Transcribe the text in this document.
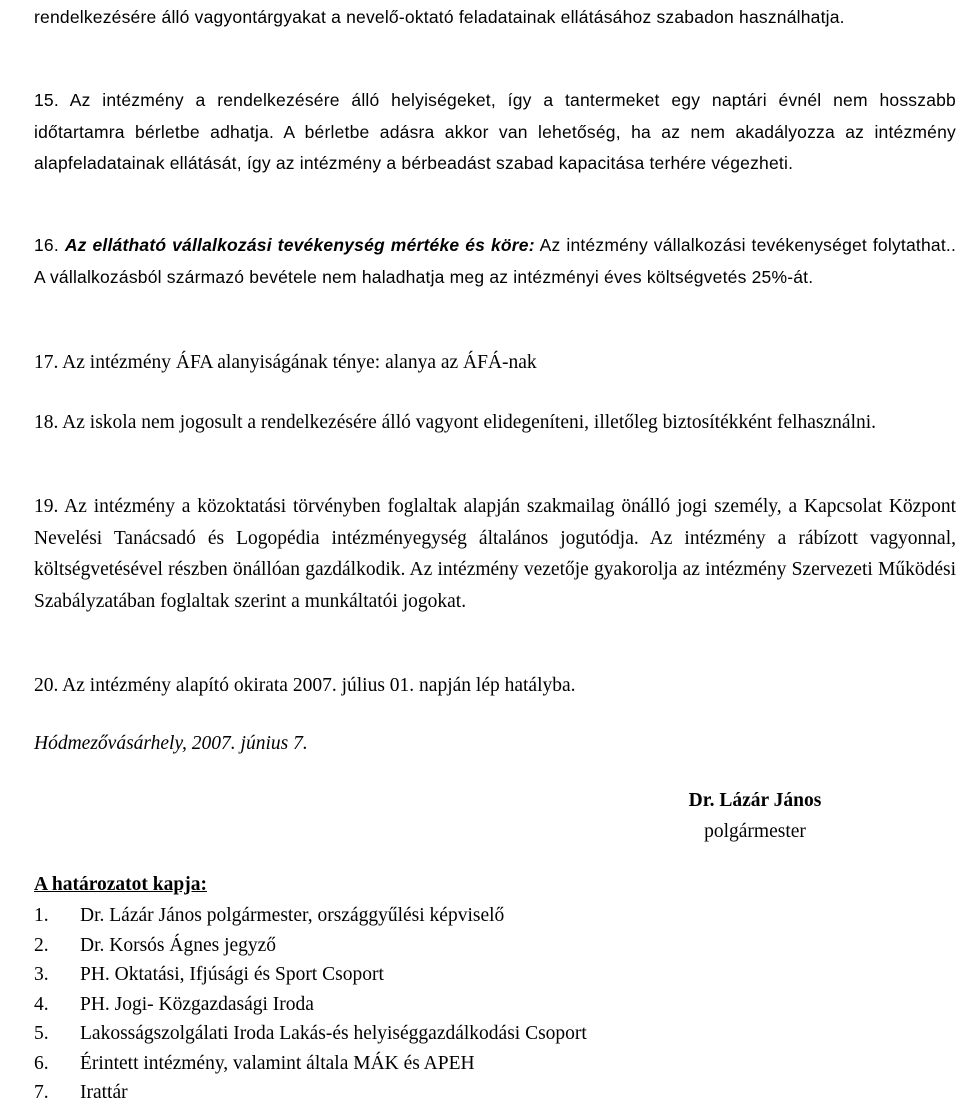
rendelkezésére álló vagyontárgyakat a nevelő-oktató feladatainak ellátásához szabadon használhatja.
15. Az intézmény a rendelkezésére álló helyiségeket, így a tantermeket egy naptári évnél nem hosszabb időtartamra bérletbe adhatja. A bérletbe adásra akkor van lehetőség, ha az nem akadályozza az intézmény alapfeladatainak ellátását, így az intézmény a bérbeadást szabad kapacitása terhére végezheti.
16. Az ellátható vállalkozási tevékenység mértéke és köre: Az intézmény vállalkozási tevékenységet folytathat.. A vállalkozásból származó bevétele nem haladhatja meg az intézményi éves költségvetés 25%-át.
17. Az intézmény ÁFA alanyiságának ténye: alanya az ÁFÁ-nak
18. Az iskola nem jogosult a rendelkezésére álló vagyont elidegeníteni, illetőleg biztosítékként felhasználni.
19. Az intézmény a közoktatási törvényben foglaltak alapján szakmailag önálló jogi személy, a Kapcsolat Központ Nevelési Tanácsadó és Logopédia intézményegység általános jogutódja. Az intézmény a rábízott vagyonnal, költségvetésével részben önállóan gazdálkodik. Az intézmény vezetője gyakorolja az intézmény Szervezeti Működési Szabályzatában foglaltak szerint a munkáltatói jogokat.
20. Az intézmény alapító okirata 2007. július 01. napján lép hatályba.
Hódmezővásárhely, 2007. június 7.
Dr. Lázár János
polgármester
A határozatot kapja:
1.	Dr. Lázár János polgármester, országgyűlési képviselő
2.	Dr. Korsós Ágnes jegyző
3.	PH. Oktatási, Ifjúsági és Sport Csoport
4.	PH. Jogi- Közgazdasági Iroda
5.	Lakosságszolgálati Iroda Lakás-és helyiséggazdálkodási Csoport
6.	Érintett intézmény, valamint általa MÁK és APEH
7.	Irattár
